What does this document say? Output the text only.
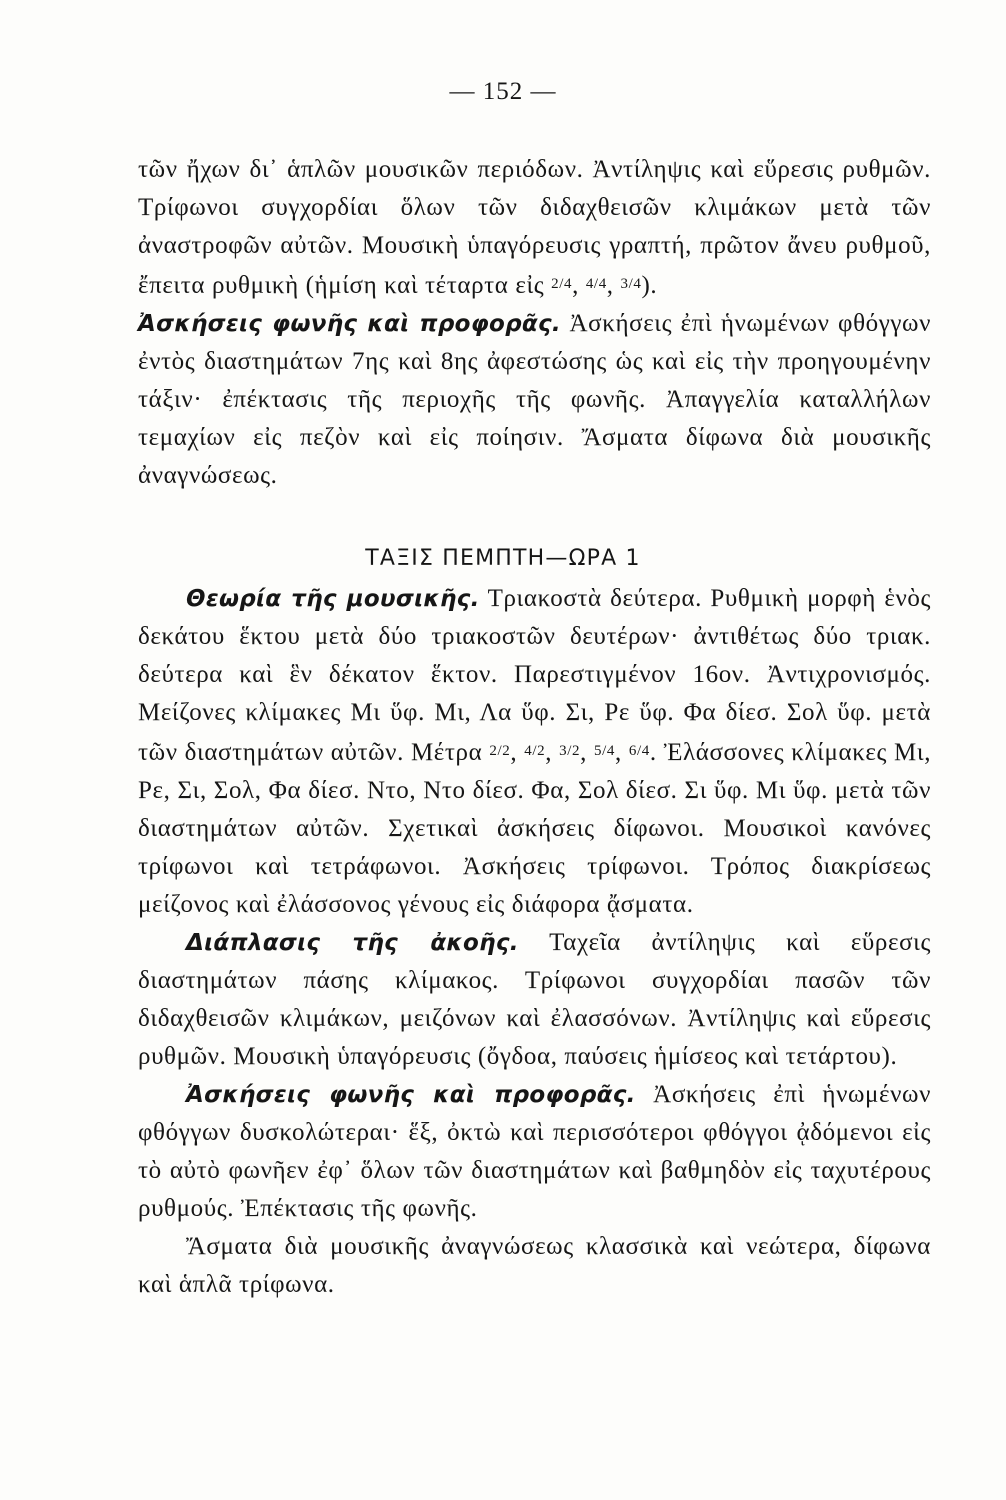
— 152 —

τῶν ἤχων δι᾿ ἁπλῶν μουσικῶν περιόδων. Ἀντίληψις καὶ εὕρεσις ρυθμῶν. Τρίφωνοι συγχορδίαι ὅλων τῶν διδαχθεισῶν κλιμάκων μετὰ τῶν ἀναστροφῶν αὐτῶν. Μουσικὴ ὑπαγόρευσις γραπτή, πρῶτον ἄνευ ρυθμοῦ, ἔπειτα ρυθμικὴ (ἡμίση καὶ τέταρτα εἰς $^{2/4}$, $^{4/4}$, $^{3/4}$).

Ἀσκήσεις φωνῆς καὶ προφορᾶς. Ἀσκήσεις ἐπὶ ἡνωμένων φθόγγων ἐντὸς διαστημάτων 7ης καὶ 8ης ἀφεστώσης ὡς καὶ εἰς τὴν προηγουμένην τάξιν· ἐπέκτασις τῆς περιοχῆς τῆς φωνῆς. Ἀπαγγελία καταλλήλων τεμαχίων εἰς πεζὸν καὶ εἰς ποίησιν. Ἄσματα δίφωνα διὰ μουσικῆς ἀναγνώσεως.

ΤΑΞΙΣ ΠΕΜΠΤΗ—ΩΡΑ 1

Θεωρία τῆς μουσικῆς. Τριακοστὰ δεύτερα. Ρυθμικὴ μορφὴ ἑνὸς δεκάτου ἕκτου μετὰ δύο τριακοστῶν δευτέρων· ἀντιθέτως δύο τριακ. δεύτερα καὶ ἓν δέκατον ἕκτον. Παρεστιγμένον 16ον. Ἀντιχρονισμός. Μείζονες κλίμακες Μι ὕφ. Μι, Λα ὕφ. Σι, Ρε ὕφ. Φα δίεσ. Σολ ὕφ. μετὰ τῶν διαστημάτων αὐτῶν. Μέτρα $^{2/2}$, $^{4/2}$, $^{3/2}$, $^{5/4}$, $^{6/4}$. Ἐλάσσονες κλίμακες Μι, Ρε, Σι, Σολ, Φα δίεσ. Ντο, Ντο δίεσ. Φα, Σολ δίεσ. Σι ὕφ. Μι ὕφ. μετὰ τῶν διαστημάτων αὐτῶν. Σχετικαὶ ἀσκήσεις δίφωνοι. Μουσικοὶ κανόνες τρίφωνοι καὶ τετράφωνοι. Ἀσκήσεις τρίφωνοι. Τρόπος διακρίσεως μείζονος καὶ ἐλάσσονος γένους εἰς διάφορα ᾄσματα.

Διάπλασις τῆς ἀκοῆς. Ταχεῖα ἀντίληψις καὶ εὕρεσις διαστημάτων πάσης κλίμακος. Τρίφωνοι συγχορδίαι πασῶν τῶν διδαχθεισῶν κλιμάκων, μειζόνων καὶ ἐλασσόνων. Ἀντίληψις καὶ εὕρεσις ρυθμῶν. Μουσικὴ ὑπαγόρευσις (ὄγδοα, παύσεις ἡμίσεος καὶ τετάρτου).

Ἀσκήσεις φωνῆς καὶ προφορᾶς. Ἀσκήσεις ἐπὶ ἡνωμένων φθόγγων δυσκολώτεραι· ἕξ, ὀκτὼ καὶ περισσότεροι φθόγγοι ᾀδόμενοι εἰς τὸ αὐτὸ φωνῆεν ἐφ᾿ ὅλων τῶν διαστημάτων καὶ βαθμηδὸν εἰς ταχυτέρους ρυθμούς. Ἐπέκτασις τῆς φωνῆς.

Ἄσματα διὰ μουσικῆς ἀναγνώσεως κλασσικὰ καὶ νεώτερα, δίφωνα καὶ ἁπλᾶ τρίφωνα.
